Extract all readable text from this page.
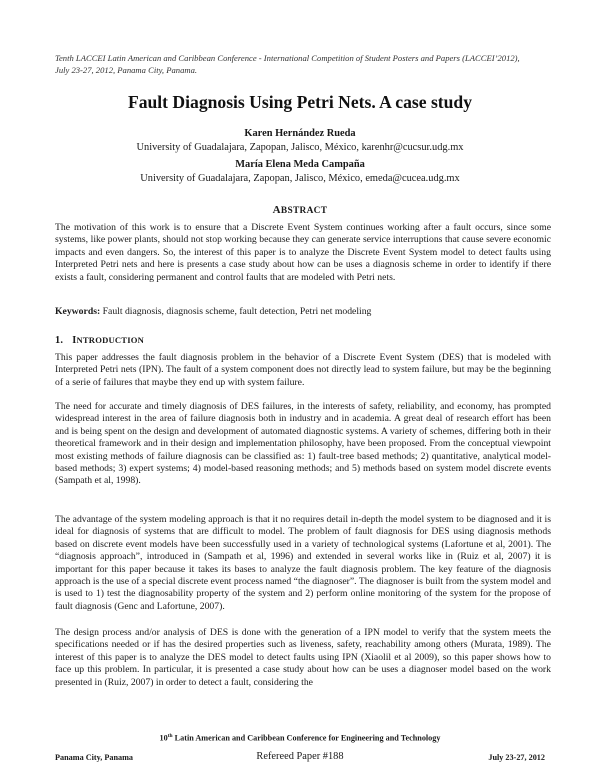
Tenth LACCEI Latin American and Caribbean Conference - International Competition of Student Posters and Papers (LACCEI’2012),
July 23-27, 2012, Panama City, Panama.
Fault Diagnosis Using Petri Nets. A case study
Karen Hernández Rueda
University of Guadalajara, Zapopan, Jalisco, México, karenhr@cucsur.udg.mx
María Elena Meda Campaña
University of Guadalajara, Zapopan, Jalisco, México, emeda@cucea.udg.mx
ABSTRACT

The motivation of this work is to ensure that a Discrete Event System continues working after a fault occurs, since some systems, like power plants, should not stop working because they can generate service interruptions that cause severe economic impacts and even dangers. So, the interest of this paper is to analyze the Discrete Event System model to detect faults using Interpreted Petri nets and here is presents a case study about how can be uses a diagnosis scheme in order to identify if there exists a fault, considering permanent and control faults that are modeled with Petri nets.

Keywords: Fault diagnosis, diagnosis scheme, fault detection, Petri net modeling
1. INTRODUCTION

This paper addresses the fault diagnosis problem in the behavior of a Discrete Event System (DES) that is modeled with Interpreted Petri nets (IPN). The fault of a system component does not directly lead to system failure, but may be the beginning of a serie of failures that maybe they end up with system failure.

The need for accurate and timely diagnosis of DES failures, in the interests of safety, reliability, and economy, has prompted widespread interest in the area of failure diagnosis both in industry and in academia. A great deal of research effort has been and is being spent on the design and development of automated diagnostic systems. A variety of schemes, differing both in their theoretical framework and in their design and implementation philosophy, have been proposed. From the conceptual viewpoint most existing methods of failure diagnosis can be classified as: 1) fault-tree based methods; 2) quantitative, analytical model-based methods; 3) expert systems; 4) model-based reasoning methods; and 5) methods based on system model discrete events (Sampath et al, 1998).

The advantage of the system modeling approach is that it no requires detail in-depth the model system to be diagnosed and it is ideal for diagnosis of systems that are difficult to model. The problem of fault diagnosis for DES using diagnosis methods based on discrete event models have been successfully used in a variety of technological systems (Lafortune et al, 2001). The “diagnosis approach”, introduced in (Sampath et al, 1996) and extended in several works like in (Ruiz et al, 2007) it is important for this paper because it takes its bases to analyze the fault diagnosis problem. The key feature of the diagnosis approach is the use of a special discrete event process named “the diagnoser”. The diagnoser is built from the system model and is used to 1) test the diagnosability property of the system and 2) perform online monitoring of the system for the propose of fault diagnosis (Genc and Lafortune, 2007).

The design process and/or analysis of DES is done with the generation of a IPN model to verify that the system meets the specifications needed or if has the desired properties such as liveness, safety, reachability among others (Murata, 1989). The interest of this paper is to analyze the DES model to detect faults using IPN (Xiaolil et al 2009), so this paper shows how to face up this problem. In particular, it is presented a case study about how can be uses a diagnoser model based on the work presented in (Ruiz, 2007) in order to detect a fault, considering the

10th Latin American and Caribbean Conference for Engineering and Technology
Panama City, Panama	Refereed Paper #188	July 23-27, 2012
